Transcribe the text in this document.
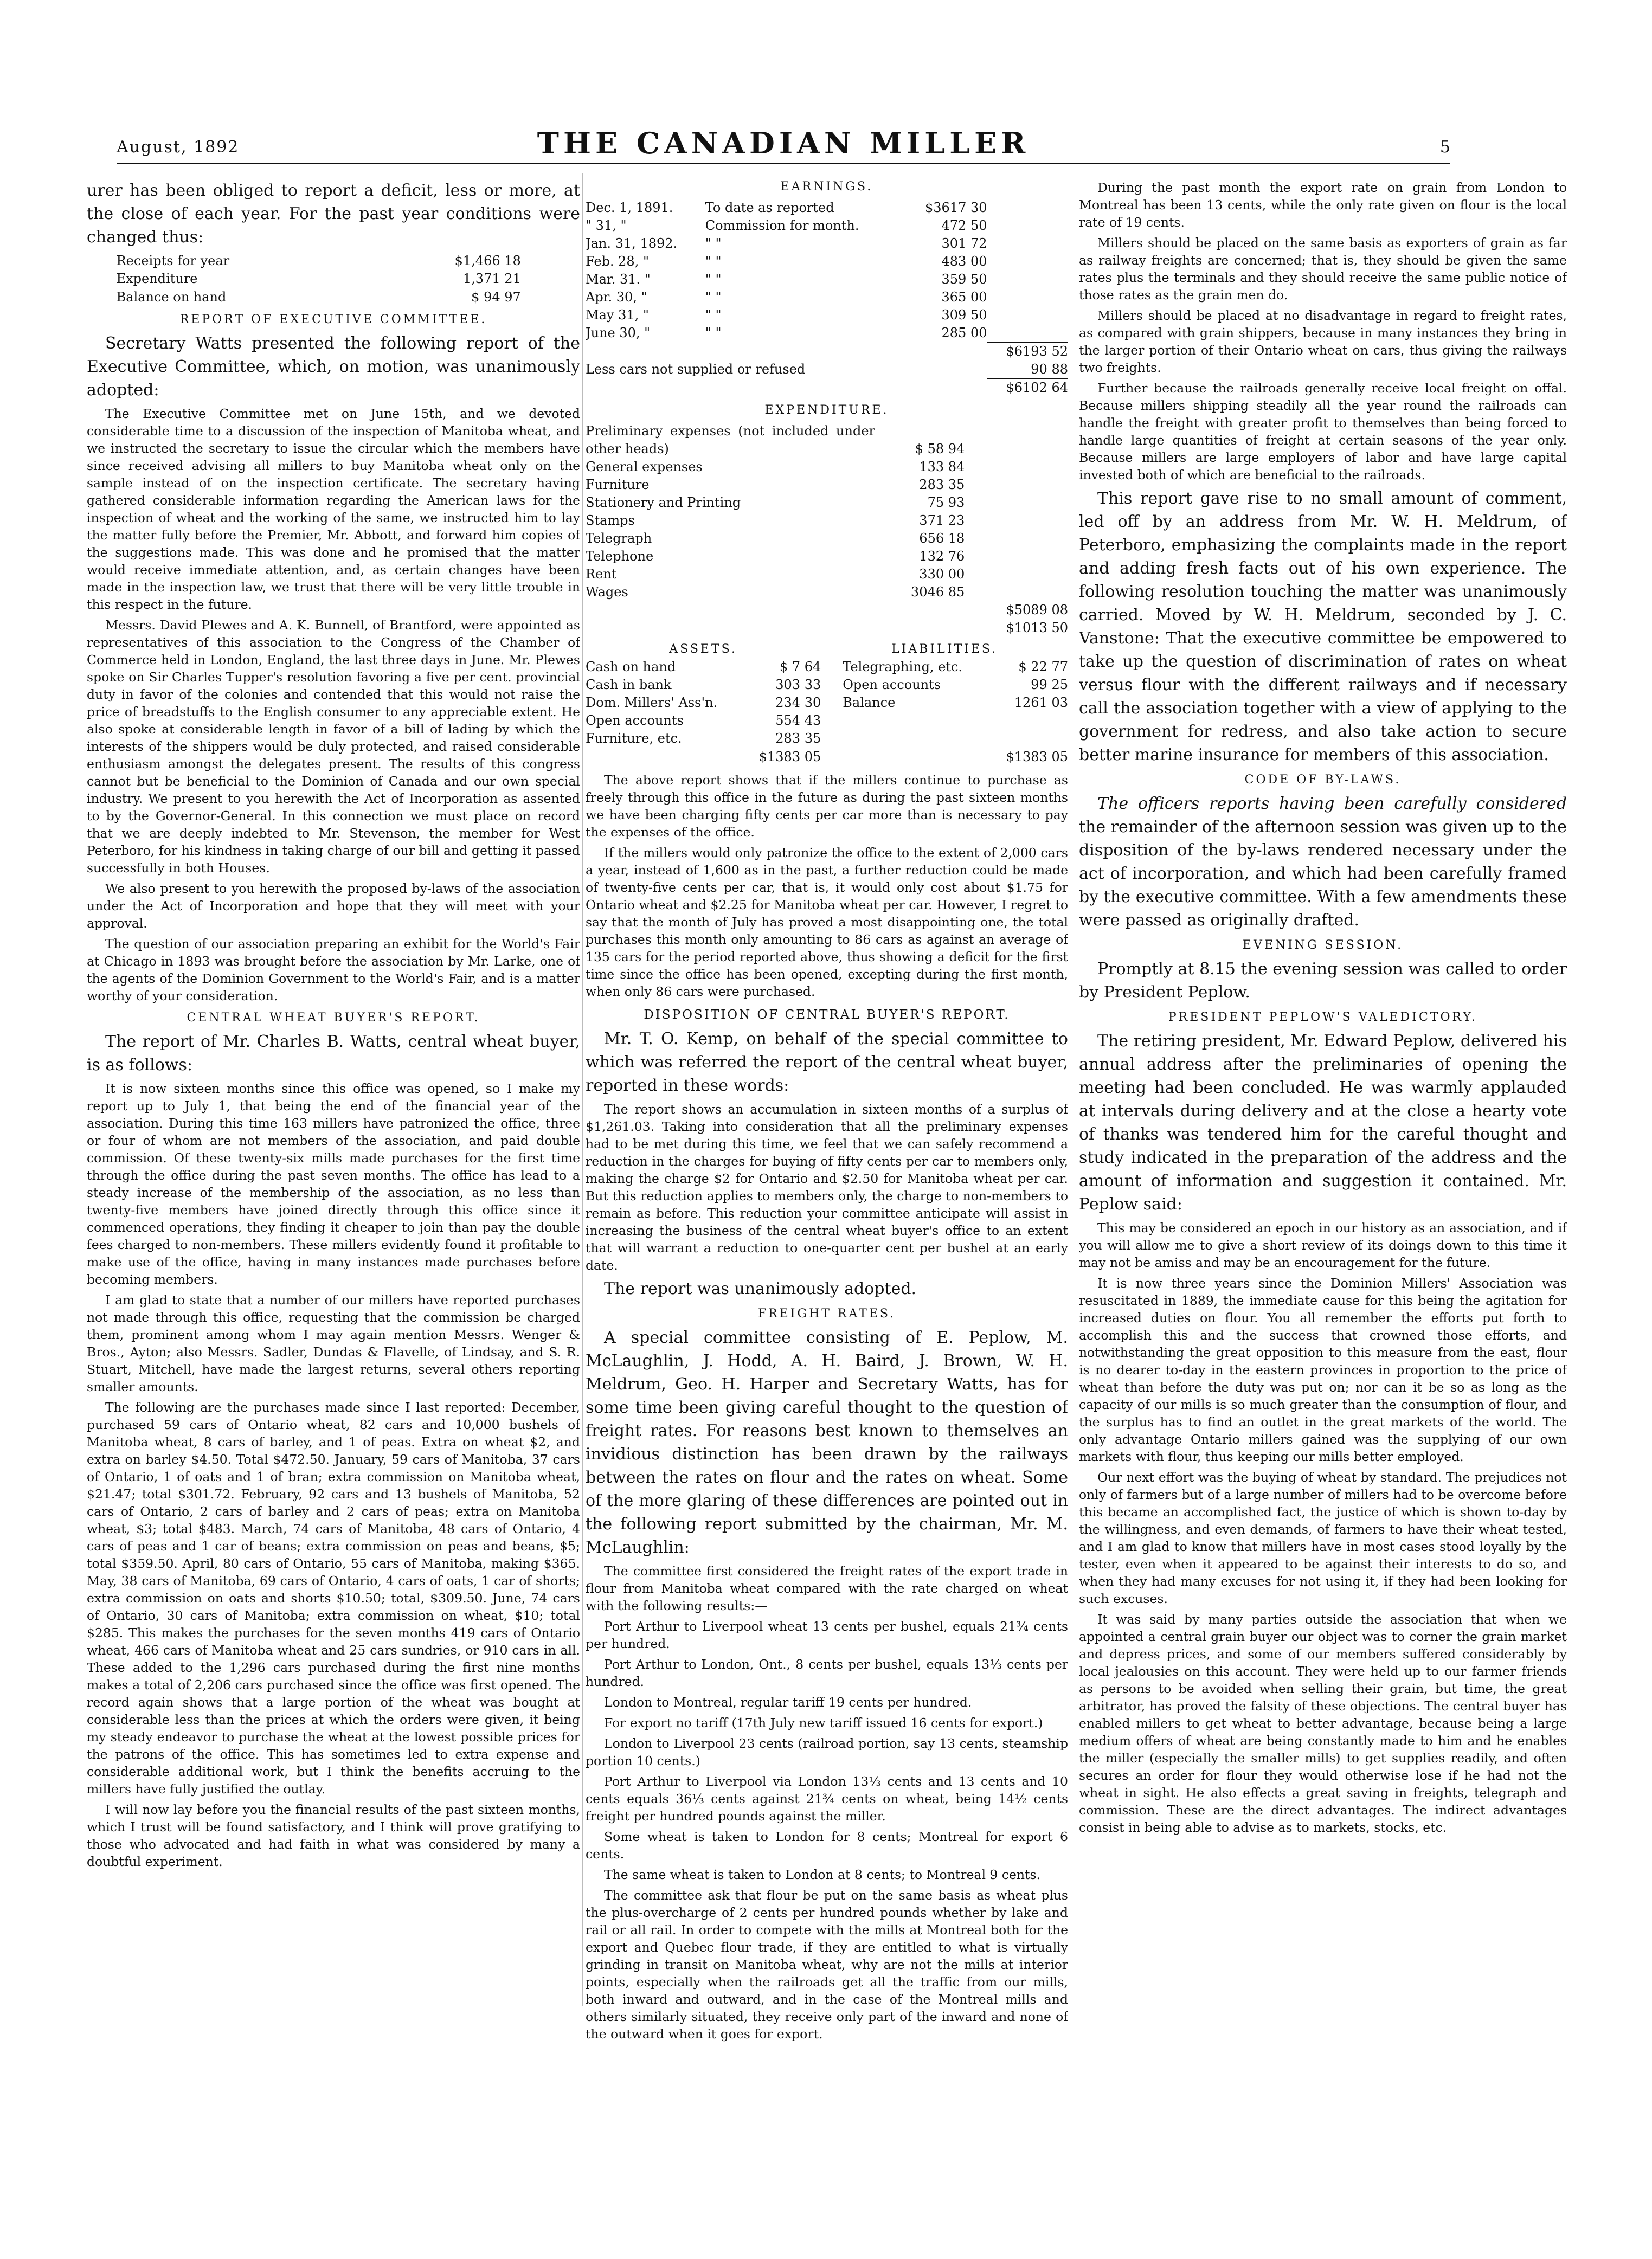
August, 1892	THE CANADIAN MILLER	5

urer has been obliged to report a deficit, less or more, at the close of each year. For the past year conditions were changed thus:

Receipts for year	$1,466 18
Expenditure	1,371 21
Balance on hand	$ 94 97
REPORT OF EXECUTIVE COMMITTEE.

Secretary Watts presented the following report of the Executive Committee, which, on motion, was unanimously adopted:

The Executive Committee met on June 15th, and we devoted considerable time to a discussion of the inspection of Manitoba wheat, and we instructed the secretary to issue the circular which the members have since received advising all millers to buy Manitoba wheat only on the sample instead of on the inspection certificate. The secretary having gathered considerable information regarding the American laws for the inspection of wheat and the working of the same, we instructed him to lay the matter fully before the Premier, Mr. Abbott, and forward him copies of the suggestions made. This was done and he promised that the matter would receive immediate attention, and, as certain changes have been made in the inspection law, we trust that there will be very little trouble in this respect in the future.

Messrs. David Plewes and A. K. Bunnell, of Brantford, were appointed as representatives of this association to the Congress of the Chamber of Commerce held in London, England, the last three days in June. Mr. Plewes spoke on Sir Charles Tupper's resolution favoring a five per cent. provincial duty in favor of the colonies and contended that this would not raise the price of breadstuffs to the English consumer to any appreciable extent. He also spoke at considerable length in favor of a bill of lading by which the interests of the shippers would be duly protected, and raised considerable enthusiasm amongst the delegates present. The results of this congress cannot but be beneficial to the Dominion of Canada and our own special industry. We present to you herewith the Act of Incorporation as assented to by the Governor-General. In this connection we must place on record that we are deeply indebted to Mr. Stevenson, the member for West Peterboro, for his kindness in taking charge of our bill and getting it passed successfully in both Houses.

We also present to you herewith the proposed by-laws of the association under the Act of Incorporation and hope that they will meet with your approval.

The question of our association preparing an exhibit for the World's Fair at Chicago in 1893 was brought before the association by Mr. Larke, one of the agents of the Dominion Government to the World's Fair, and is a matter worthy of your consideration.

CENTRAL WHEAT BUYER'S REPORT.

The report of Mr. Charles B. Watts, central wheat buyer, is as follows:

It is now sixteen months since this office was opened, so I make my report up to July 1, that being the end of the financial year of the association. During this time 163 millers have patronized the office, three or four of whom are not members of the association, and paid double commission. Of these twenty-six mills made purchases for the first time through the office during the past seven months. The office has lead to a steady increase of the membership of the association, as no less than twenty-five members have joined directly through this office since it commenced operations, they finding it cheaper to join than pay the double fees charged to non-members. These millers evidently found it profitable to make use of the office, having in many instances made purchases before becoming members.

I am glad to state that a number of our millers have reported purchases not made through this office, requesting that the commission be charged them, prominent among whom I may again mention Messrs. Wenger & Bros., Ayton; also Messrs. Sadler, Dundas & Flavelle, of Lindsay, and S. R. Stuart, Mitchell, have made the largest returns, several others reporting smaller amounts.

The following are the purchases made since I last reported: December, purchased 59 cars of Ontario wheat, 82 cars and 10,000 bushels of Manitoba wheat, 8 cars of barley, and 1 of peas. Extra on wheat $2, and extra on barley $4.50. Total $472.50. January, 59 cars of Manitoba, 37 cars of Ontario, 1 of oats and 1 of bran; extra commission on Manitoba wheat, $21.47; total $301.72. February, 92 cars and 13 bushels of Manitoba, 52 cars of Ontario, 2 cars of barley and 2 cars of peas; extra on Manitoba wheat, $3; total $483. March, 74 cars of Manitoba, 48 cars of Ontario, 4 cars of peas and 1 car of beans; extra commission on peas and beans, $5; total $359.50. April, 80 cars of Ontario, 55 cars of Manitoba, making $365. May, 38 cars of Manitoba, 69 cars of Ontario, 4 cars of oats, 1 car of shorts; extra commission on oats and shorts $10.50; total, $309.50. June, 74 cars of Ontario, 30 cars of Manitoba; extra commission on wheat, $10; total $285. This makes the purchases for the seven months 419 cars of Ontario wheat, 466 cars of Manitoba wheat and 25 cars sundries, or 910 cars in all. These added to the 1,296 cars purchased during the first nine months makes a total of 2,206 cars purchased since the office was first opened. The record again shows that a large portion of the wheat was bought at considerable less than the prices at which the orders were given, it being my steady endeavor to purchase the wheat at the lowest possible prices for the patrons of the office. This has sometimes led to extra expense and considerable additional work, but I think the benefits accruing to the millers have fully justified the outlay.

I will now lay before you the financial results of the past sixteen months, which I trust will be found satisfactory, and I think will prove gratifying to those who advocated and had faith in what was considered by many a doubtful experiment.

EARNINGS.
Dec. 1, 1891.	To date as reported	$3617 30	
" 31, "	Commission for month.	472 50	
Jan. 31, 1892.	" "	301 72	
Feb. 28, "	" "	483 00	
Mar. 31. "	" "	359 50	
Apr. 30, "	" "	365 00	
May 31, "	" "	309 50	
June 30, "	" "	285 00	
			$6193 52
Less cars not supplied or refused			90 88
			$6102 64
EXPENDITURE.
Preliminary expenses (not included under other heads)	$ 58 94	
General expenses	133 84	
Furniture	283 35	
Stationery and Printing	75 93	
Stamps	371 23	
Telegraph	656 18	
Telephone	132 76	
Rent	330 00	
Wages	3046 85	
		$5089 08
		$1013 50
ASSETS.		LIABILITIES.	
Cash on hand	$ 7 64	Telegraphing, etc.	$ 22 77
Cash in bank	303 33	Open accounts	99 25
Dom. Millers' Ass'n.	234 30	Balance	1261 03
Open accounts	554 43		
Furniture, etc.	283 35		
	$1383 05		$1383 05

The above report shows that if the millers continue to purchase as freely through this office in the future as during the past sixteen months we have been charging fifty cents per car more than is necessary to pay the expenses of the office.

If the millers would only patronize the office to the extent of 2,000 cars a year, instead of 1,600 as in the past, a further reduction could be made of twenty-five cents per car, that is, it would only cost about $1.75 for Ontario wheat and $2.25 for Manitoba wheat per car. However, I regret to say that the month of July has proved a most disappointing one, the total purchases this month only amounting to 86 cars as against an average of 135 cars for the period reported above, thus showing a deficit for the first time since the office has been opened, excepting during the first month, when only 86 cars were purchased.

DISPOSITION OF CENTRAL BUYER'S REPORT.

Mr. T. O. Kemp, on behalf of the special committee to which was referred the report of the central wheat buyer, reported in these words:

The report shows an accumulation in sixteen months of a surplus of $1,261.03. Taking into consideration that all the preliminary expenses had to be met during this time, we feel that we can safely recommend a reduction in the charges for buying of fifty cents per car to members only, making the charge $2 for Ontario and $2.50 for Manitoba wheat per car. But this reduction applies to members only, the charge to non-members to remain as before. This reduction your committee anticipate will assist in increasing the business of the central wheat buyer's office to an extent that will warrant a reduction to one-quarter cent per bushel at an early date.

The report was unanimously adopted.

FREIGHT RATES.

A special committee consisting of E. Peplow, M. McLaughlin, J. Hodd, A. H. Baird, J. Brown, W. H. Meldrum, Geo. H. Harper and Secretary Watts, has for some time been giving careful thought to the question of freight rates. For reasons best known to themselves an invidious distinction has been drawn by the railways between the rates on flour and the rates on wheat. Some of the more glaring of these differences are pointed out in the following report submitted by the chairman, Mr. M. McLaughlin:

The committee first considered the freight rates of the export trade in flour from Manitoba wheat compared with the rate charged on wheat with the following results:—

Port Arthur to Liverpool wheat 13 cents per bushel, equals 21¾ cents per hundred.

Port Arthur to London, Ont., 8 cents per bushel, equals 13⅓ cents per hundred.

London to Montreal, regular tariff 19 cents per hundred.

For export no tariff (17th July new tariff issued 16 cents for export.)

London to Liverpool 23 cents (railroad portion, say 13 cents, steamship portion 10 cents.)

Port Arthur to Liverpool via London 13⅓ cents and 13 cents and 10 cents equals 36⅓ cents against 21¾ cents on wheat, being 14½ cents freight per hundred pounds against the miller.

Some wheat is taken to London for 8 cents; Montreal for export 6 cents.

The same wheat is taken to London at 8 cents; to Montreal 9 cents.

The committee ask that flour be put on the same basis as wheat plus the plus-overcharge of 2 cents per hundred pounds whether by lake and rail or all rail. In order to compete with the mills at Montreal both for the export and Quebec flour trade, if they are entitled to what is virtually grinding in transit on Manitoba wheat, why are not the mills at interior points, especially when the railroads get all the traffic from our mills, both inward and outward, and in the case of the Montreal mills and others similarly situated, they receive only part of the inward and none of the outward when it goes for export.

During the past month the export rate on grain from London to Montreal has been 13 cents, while the only rate given on flour is the local rate of 19 cents.

Millers should be placed on the same basis as exporters of grain as far as railway freights are concerned; that is, they should be given the same rates plus the terminals and they should receive the same public notice of those rates as the grain men do.

Millers should be placed at no disadvantage in regard to freight rates, as compared with grain shippers, because in many instances they bring in the larger portion of their Ontario wheat on cars, thus giving the railways two freights.

Further because the railroads generally receive local freight on offal. Because millers shipping steadily all the year round the railroads can handle the freight with greater profit to themselves than being forced to handle large quantities of freight at certain seasons of the year only. Because millers are large employers of labor and have large capital invested both of which are beneficial to the railroads.

This report gave rise to no small amount of comment, led off by an address from Mr. W. H. Meldrum, of Peterboro, emphasizing the complaints made in the report and adding fresh facts out of his own experience. The following resolution touching the matter was unanimously carried. Moved by W. H. Meldrum, seconded by J. C. Vanstone: That the executive committee be empowered to take up the question of discrimination of rates on wheat versus flour with the different railways and if necessary call the association together with a view of applying to the government for redress, and also take action to secure better marine insurance for members of this association.

CODE OF BY-LAWS.

The officers reports having been carefully considered the remainder of the afternoon session was given up to the disposition of the by-laws rendered necessary under the act of incorporation, and which had been carefully framed by the executive committee. With a few amendments these were passed as originally drafted.

EVENING SESSION.

Promptly at 8.15 the evening session was called to order by President Peplow.

PRESIDENT PEPLOW'S VALEDICTORY.

The retiring president, Mr. Edward Peplow, delivered his annual address after the preliminaries of opening the meeting had been concluded. He was warmly applauded at intervals during delivery and at the close a hearty vote of thanks was tendered him for the careful thought and study indicated in the preparation of the address and the amount of information and suggestion it contained. Mr. Peplow said:

This may be considered an epoch in our history as an association, and if you will allow me to give a short review of its doings down to this time it may not be amiss and may be an encouragement for the future.

It is now three years since the Dominion Millers' Association was resuscitated in 1889, the immediate cause for this being the agitation for increased duties on flour. You all remember the efforts put forth to accomplish this and the success that crowned those efforts, and notwithstanding the great opposition to this measure from the east, flour is no dearer to-day in the eastern provinces in proportion to the price of wheat than before the duty was put on; nor can it be so as long as the capacity of our mills is so much greater than the consumption of flour, and the surplus has to find an outlet in the great markets of the world. The only advantage Ontario millers gained was the supplying of our own markets with flour, thus keeping our mills better employed.

Our next effort was the buying of wheat by standard. The prejudices not only of farmers but of a large number of millers had to be overcome before this became an accomplished fact, the justice of which is shown to-day by the willingness, and even demands, of farmers to have their wheat tested, and I am glad to know that millers have in most cases stood loyally by the tester, even when it appeared to be against their interests to do so, and when they had many excuses for not using it, if they had been looking for such excuses.

It was said by many parties outside the association that when we appointed a central grain buyer our object was to corner the grain market and depress prices, and some of our members suffered considerably by local jealousies on this account. They were held up to our farmer friends as persons to be avoided when selling their grain, but time, the great arbitrator, has proved the falsity of these objections. The central buyer has enabled millers to get wheat to better advantage, because being a large medium offers of wheat are being constantly made to him and he enables the miller (especially the smaller mills) to get supplies readily, and often secures an order for flour they would otherwise lose if he had not the wheat in sight. He also effects a great saving in freights, telegraph and commission. These are the direct advantages. The indirect advantages consist in being able to advise as to markets, stocks, etc.
